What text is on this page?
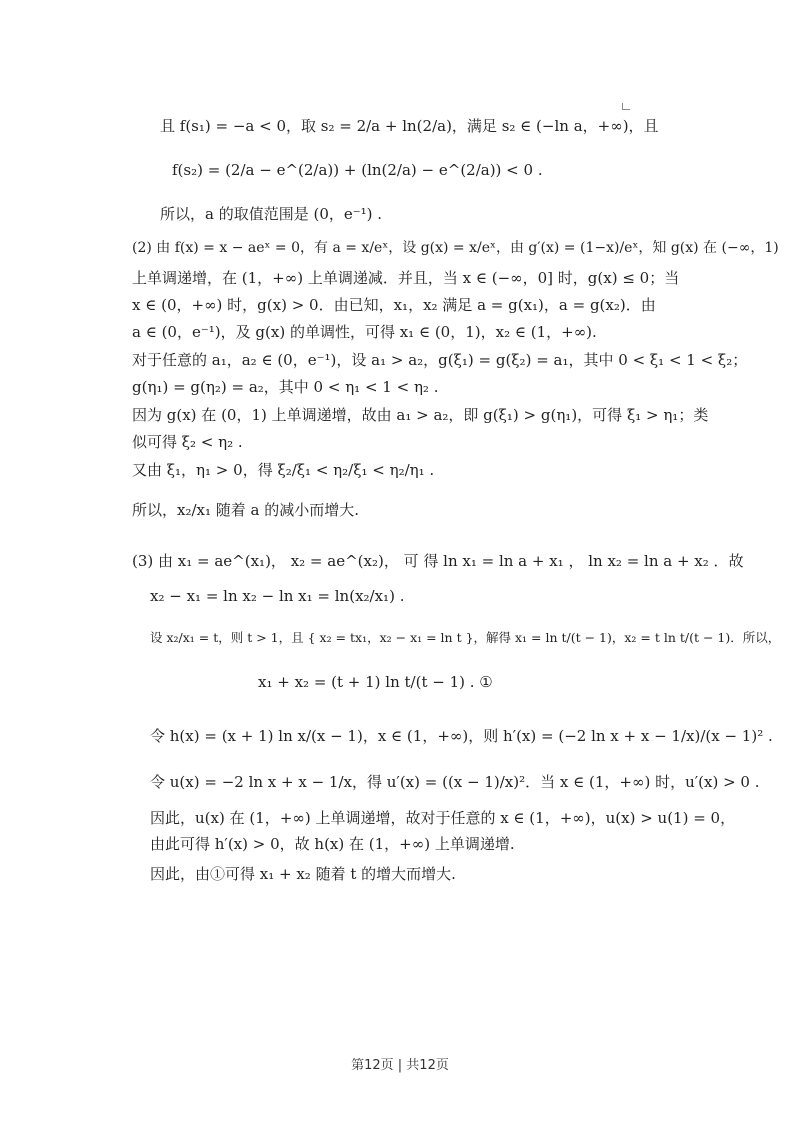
且 f(s₁) = −a < 0，取 s₂ = 2/a + ln(2/a)，满足 s₂ ∈ (−ln a，+∞)，且
f(s₂) = (2/a − e^(2/a)) + (ln(2/a) − e^(2/a)) < 0 .
所以，a 的取值范围是 (0，e⁻¹) .
(2) 由 f(x) = x − aeˣ = 0，有 a = x/eˣ，设 g(x) = x/eˣ，由 g′(x) = (1−x)/eˣ，知 g(x) 在 (−∞，1)
上单调递增，在 (1，+∞) 上单调递减．并且，当 x ∈ (−∞，0] 时，g(x) ≤ 0；当
x ∈ (0，+∞) 时，g(x) > 0．由已知，x₁，x₂ 满足 a = g(x₁)，a = g(x₂)．由
a ∈ (0，e⁻¹)，及 g(x) 的单调性，可得 x₁ ∈ (0，1)，x₂ ∈ (1，+∞).
对于任意的 a₁，a₂ ∈ (0，e⁻¹)，设 a₁ > a₂，g(ξ₁) = g(ξ₂) = a₁，其中 0 < ξ₁ < 1 < ξ₂；
g(η₁) = g(η₂) = a₂，其中 0 < η₁ < 1 < η₂ .
因为 g(x) 在 (0，1) 上单调递增，故由 a₁ > a₂，即 g(ξ₁) > g(η₁)，可得 ξ₁ > η₁；类
似可得 ξ₂ < η₂ .
又由 ξ₁，η₁ > 0，得 ξ₂/ξ₁ < η₂/ξ₁ < η₂/η₁ .
所以，x₂/x₁ 随着 a 的减小而增大.
(3) 由 x₁ = ae^(x₁)， x₂ = ae^(x₂)， 可 得 ln x₁ = ln a + x₁ ， ln x₂ = ln a + x₂ ．故
x₂ − x₁ = ln x₂ − ln x₁ = ln(x₂/x₁) .
设 x₂/x₁ = t，则 t > 1，且 { x₂ = tx₁，x₂ − x₁ = ln t }，解得 x₁ = ln t/(t − 1)，x₂ = t ln t/(t − 1)．所以，
x₁ + x₂ = (t + 1) ln t/(t − 1) . ①
令 h(x) = (x + 1) ln x/(x − 1)，x ∈ (1，+∞)，则 h′(x) = (−2 ln x + x − 1/x)/(x − 1)² .
令 u(x) = −2 ln x + x − 1/x，得 u′(x) = ((x − 1)/x)²．当 x ∈ (1，+∞) 时，u′(x) > 0 .
因此，u(x) 在 (1，+∞) 上单调递增，故对于任意的 x ∈ (1，+∞)，u(x) > u(1) = 0，
由此可得 h′(x) > 0，故 h(x) 在 (1，+∞) 上单调递增.
因此，由①可得 x₁ + x₂ 随着 t 的增大而增大.
第12页 | 共12页
